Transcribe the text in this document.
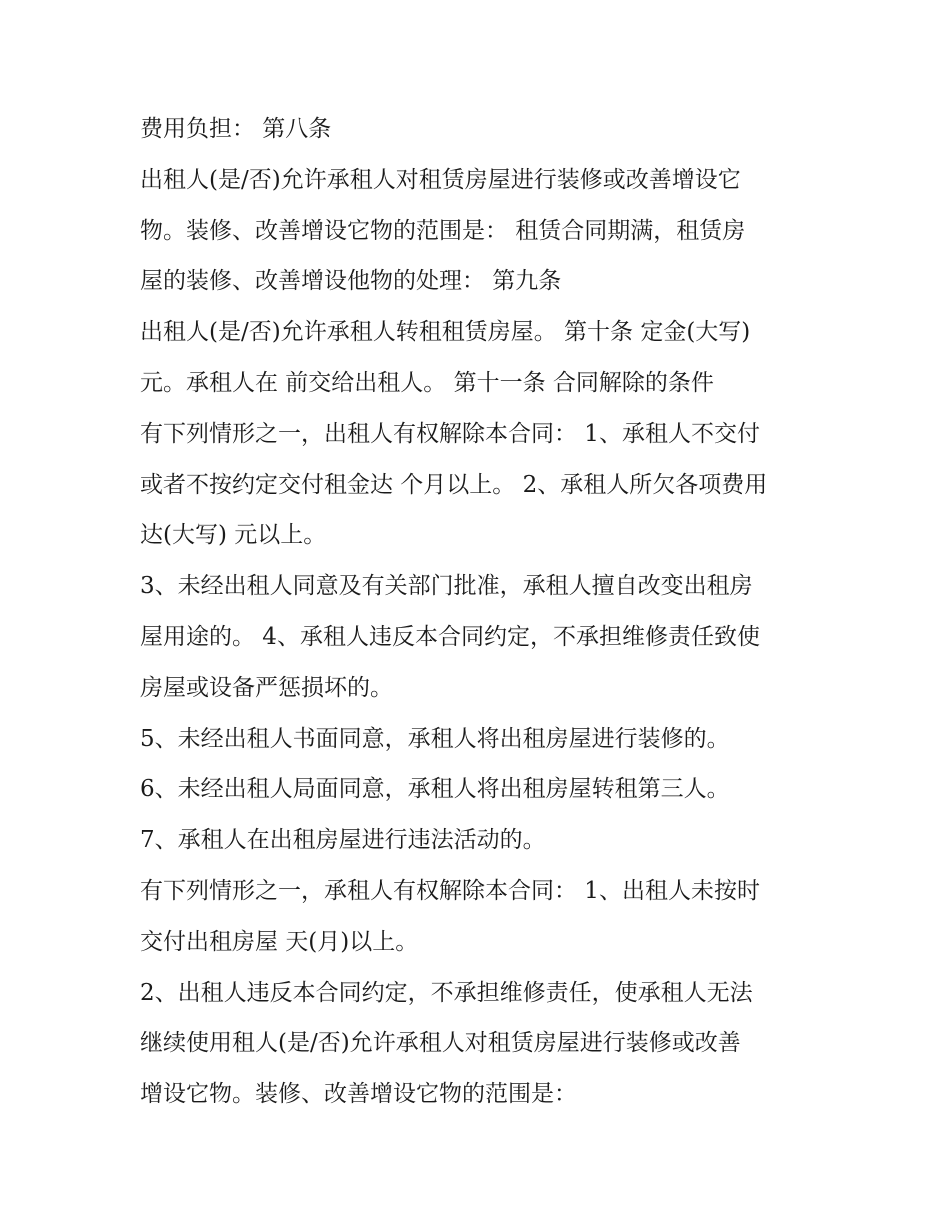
费用负担： 第八条
出租人(是/否)允许承租人对租赁房屋进行装修或改善增设它
物。装修、改善增设它物的范围是： 租赁合同期满，租赁房
屋的装修、改善增设他物的处理： 第九条
出租人(是/否)允许承租人转租租赁房屋。 第十条 定金(大写)
元。承租人在 前交给出租人。 第十一条 合同解除的条件
有下列情形之一，出租人有权解除本合同： 1、承租人不交付
或者不按约定交付租金达 个月以上。 2、承租人所欠各项费用
达(大写) 元以上。
3、未经出租人同意及有关部门批准，承租人擅自改变出租房
屋用途的。 4、承租人违反本合同约定，不承担维修责任致使
房屋或设备严惩损坏的。
5、未经出租人书面同意，承租人将出租房屋进行装修的。
6、未经出租人局面同意，承租人将出租房屋转租第三人。
7、承租人在出租房屋进行违法活动的。
有下列情形之一，承租人有权解除本合同： 1、出租人未按时
交付出租房屋 天(月)以上。
2、出租人违反本合同约定，不承担维修责任，使承租人无法
继续使用租人(是/否)允许承租人对租赁房屋进行装修或改善
增设它物。装修、改善增设它物的范围是：
